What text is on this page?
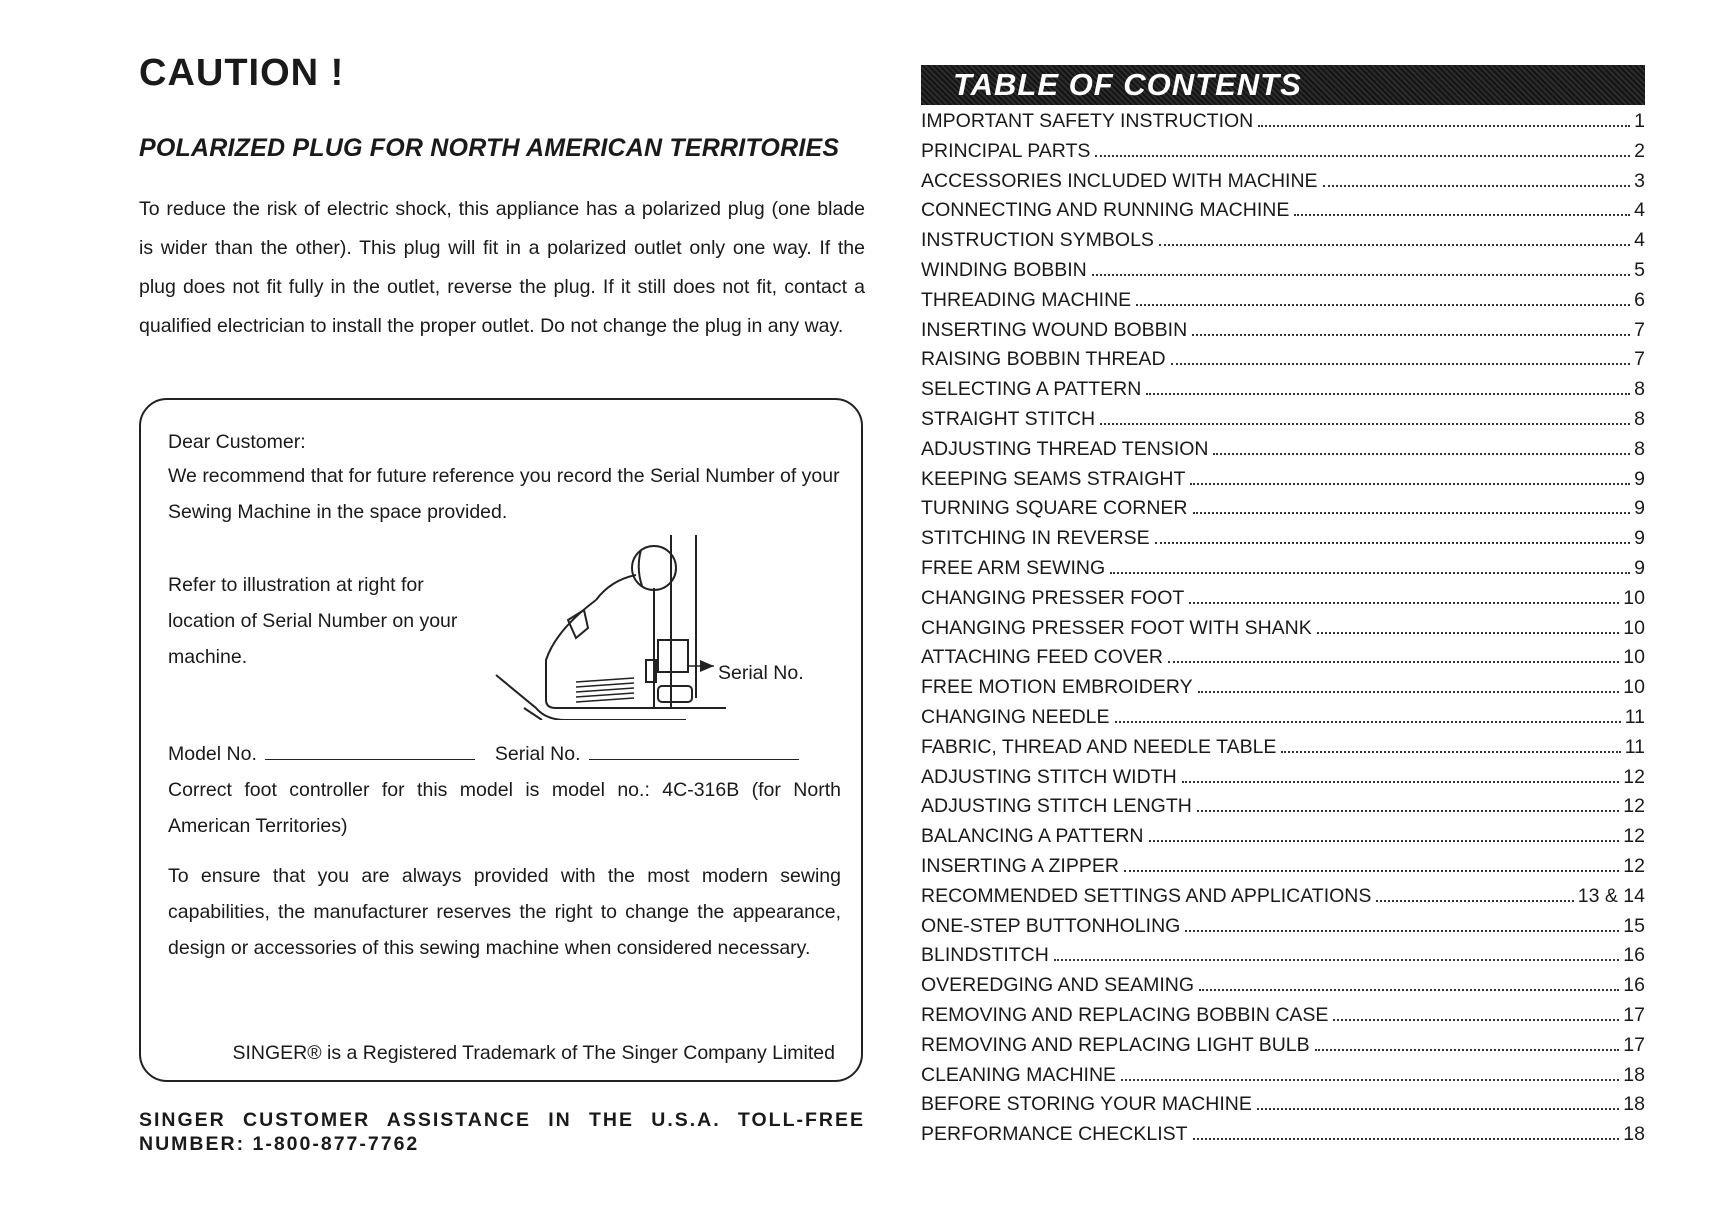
CAUTION !
POLARIZED PLUG FOR NORTH AMERICAN TERRITORIES

To reduce the risk of electric shock, this appliance has a polarized plug (one blade is wider than the other). This plug will fit in a polarized outlet only one way. If the plug does not fit fully in the outlet, reverse the plug. If it still does not fit, contact a qualified electrician to install the proper outlet. Do not change the plug in any way.

Dear Customer:

We recommend that for future reference you record the Serial Number of your Sewing Machine in the space provided.

Refer to illustration at right for location of Serial Number on your machine.

Serial No.

Model No.	Serial No.

Correct foot controller for this model is model no.: 4C-316B (for North American Territories)

To ensure that you are always provided with the most modern sewing capabilities, the manufacturer reserves the right to change the appearance, design or accessories of this sewing machine when considered necessary.

SINGER® is a Registered Trademark of The Singer Company Limited

SINGER CUSTOMER ASSISTANCE IN THE U.S.A. TOLL-FREE NUMBER: 1-800-877-7762

TABLE OF CONTENTS
IMPORTANT SAFETY INSTRUCTION	1
PRINCIPAL PARTS	2
ACCESSORIES INCLUDED WITH MACHINE	3
CONNECTING AND RUNNING MACHINE	4
INSTRUCTION SYMBOLS	4
WINDING BOBBIN	5
THREADING MACHINE	6
INSERTING WOUND BOBBIN	7
RAISING BOBBIN THREAD	7
SELECTING A PATTERN	8
STRAIGHT STITCH	8
ADJUSTING THREAD TENSION	8
KEEPING SEAMS STRAIGHT	9
TURNING SQUARE CORNER	9
STITCHING IN REVERSE	9
FREE ARM SEWING	9
CHANGING PRESSER FOOT	10
CHANGING PRESSER FOOT WITH SHANK	10
ATTACHING FEED COVER	10
FREE MOTION EMBROIDERY	10
CHANGING NEEDLE	11
FABRIC, THREAD AND NEEDLE TABLE	11
ADJUSTING STITCH WIDTH	12
ADJUSTING STITCH LENGTH	12
BALANCING A PATTERN	12
INSERTING A ZIPPER	12
RECOMMENDED SETTINGS AND APPLICATIONS	13 & 14
ONE-STEP BUTTONHOLING	15
BLINDSTITCH	16
OVEREDGING AND SEAMING	16
REMOVING AND REPLACING BOBBIN CASE	17
REMOVING AND REPLACING LIGHT BULB	17
CLEANING MACHINE	18
BEFORE STORING YOUR MACHINE	18
PERFORMANCE CHECKLIST	18
